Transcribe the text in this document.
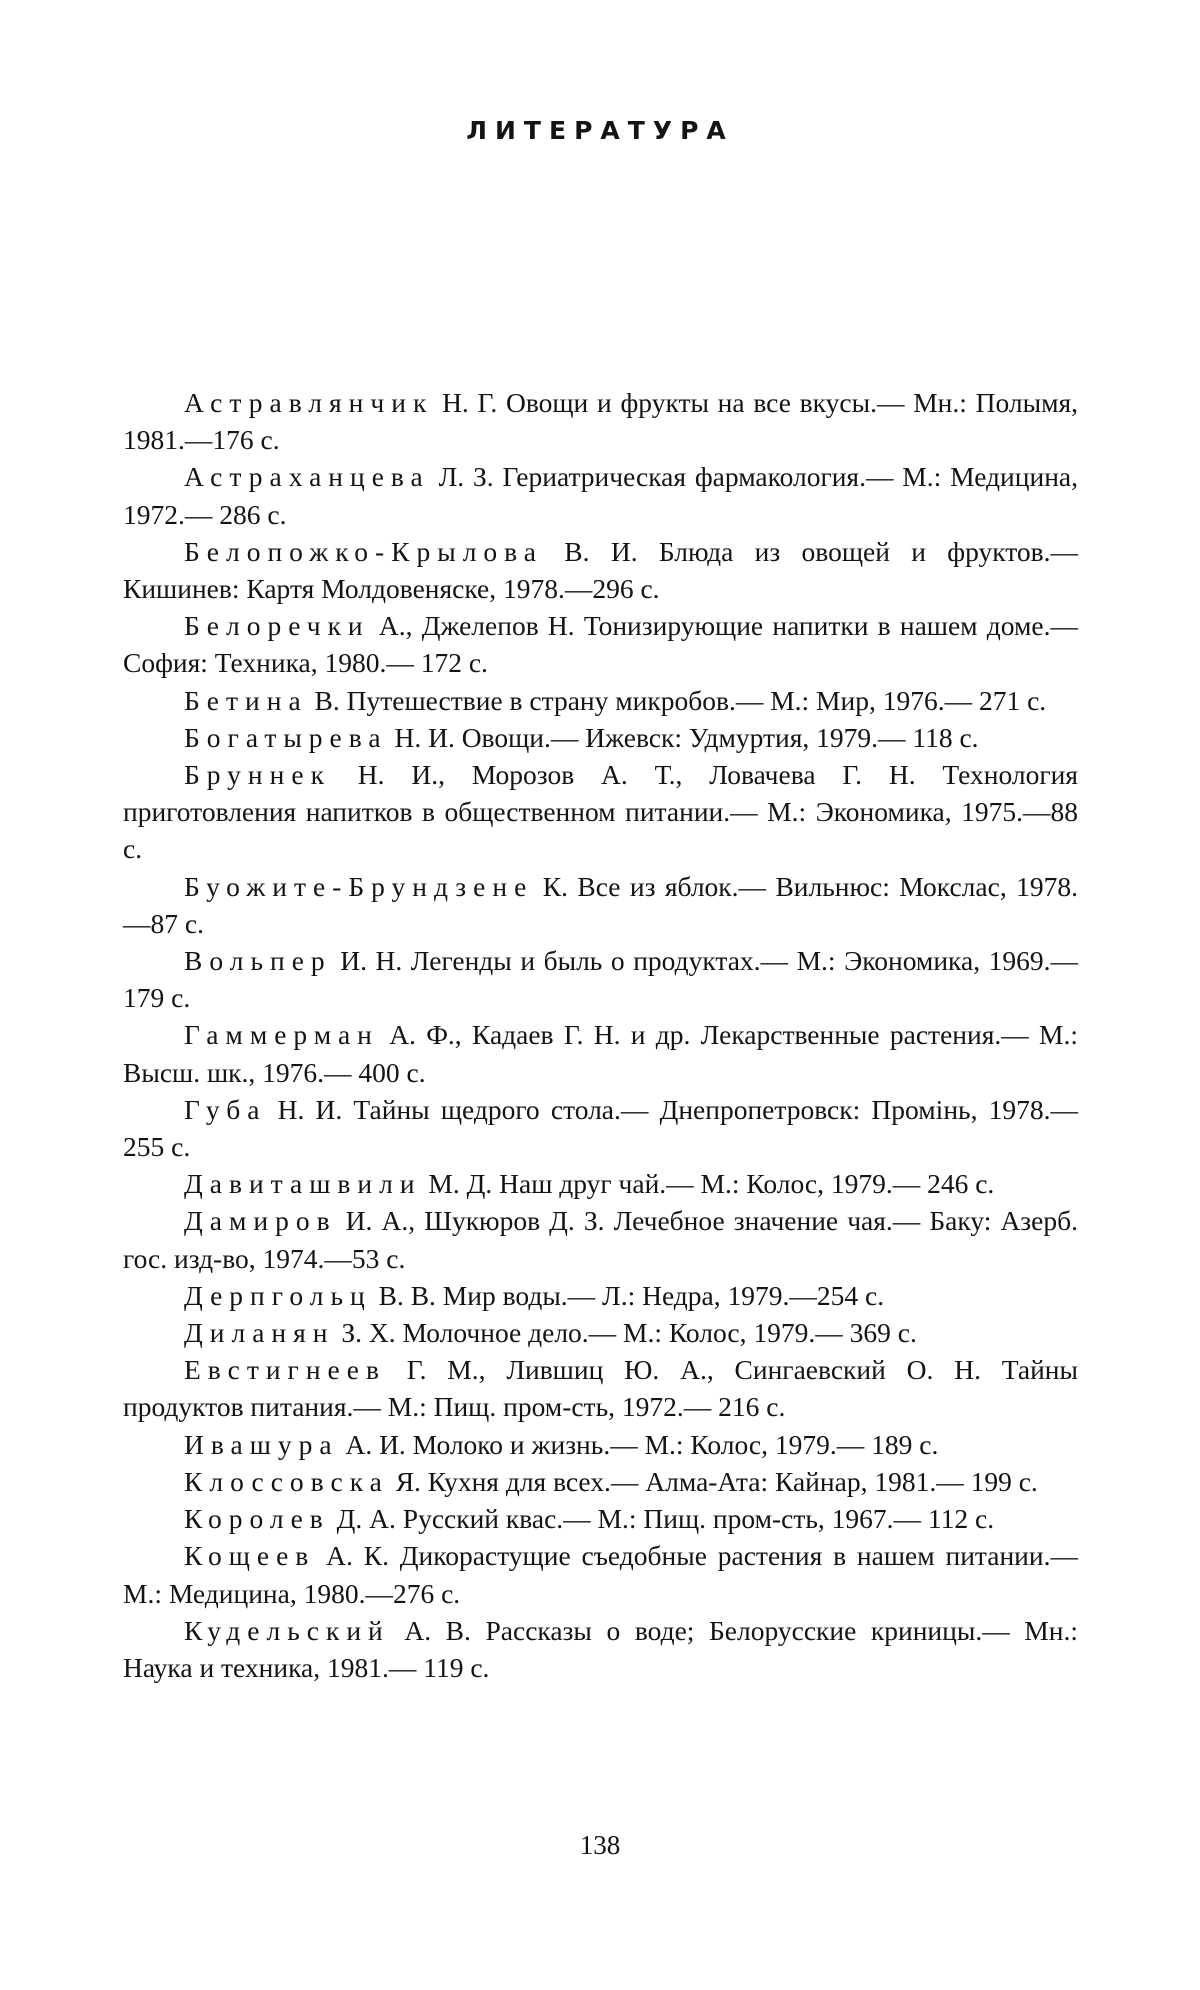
ЛИТЕРАТУРА
Астравлянчик Н. Г. Овощи и фрукты на все вкусы.— Мн.: Полымя, 1981.—176 с.
Астраханцева Л. З. Гериатрическая фармакология.— М.: Медицина, 1972.— 286 с.
Белопожко-Крылова В. И. Блюда из овощей и фруктов.— Кишинев: Картя Молдовеняске, 1978.—296 с.
Белоречки А., Джелепов Н. Тонизирующие напитки в нашем доме.— София: Техника, 1980.— 172 с.
Бетина В. Путешествие в страну микробов.— М.: Мир, 1976.— 271 с.
Богатырева Н. И. Овощи.— Ижевск: Удмуртия, 1979.— 118 с.
Бруннек Н. И., Морозов А. Т., Ловачева Г. Н. Технология приготовления напитков в общественном питании.— М.: Экономика, 1975.—88 с.
Буожите-Брундзене К. Все из яблок.— Вильнюс: Мокслас, 1978.—87 с.
Вольпер И. Н. Легенды и быль о продуктах.— М.: Экономика, 1969.—179 с.
Гаммерман А. Ф., Кадаев Г. Н. и др. Лекарственные растения.— М.: Высш. шк., 1976.— 400 с.
Губа Н. И. Тайны щедрого стола.— Днепропетровск: Промінь, 1978.— 255 с.
Давиташвили М. Д. Наш друг чай.— М.: Колос, 1979.— 246 с.
Дамиров И. А., Шукюров Д. З. Лечебное значение чая.— Баку: Азерб. гос. изд-во, 1974.—53 с.
Дерпгольц В. В. Мир воды.— Л.: Недра, 1979.—254 с.
Диланян З. Х. Молочное дело.— М.: Колос, 1979.— 369 с.
Евстигнеев Г. М., Лившиц Ю. А., Сингаевский О. Н. Тайны продуктов питания.— М.: Пищ. пром-сть, 1972.— 216 с.
Ивашура А. И. Молоко и жизнь.— М.: Колос, 1979.— 189 с.
Клоссовска Я. Кухня для всех.— Алма-Ата: Кайнар, 1981.— 199 с.
Королев Д. А. Русский квас.— М.: Пищ. пром-сть, 1967.— 112 с.
Кощеев А. К. Дикорастущие съедобные растения в нашем питании.— М.: Медицина, 1980.—276 с.
Кудельский А. В. Рассказы о воде; Белорусские криницы.— Мн.: Наука и техника, 1981.— 119 с.
138
